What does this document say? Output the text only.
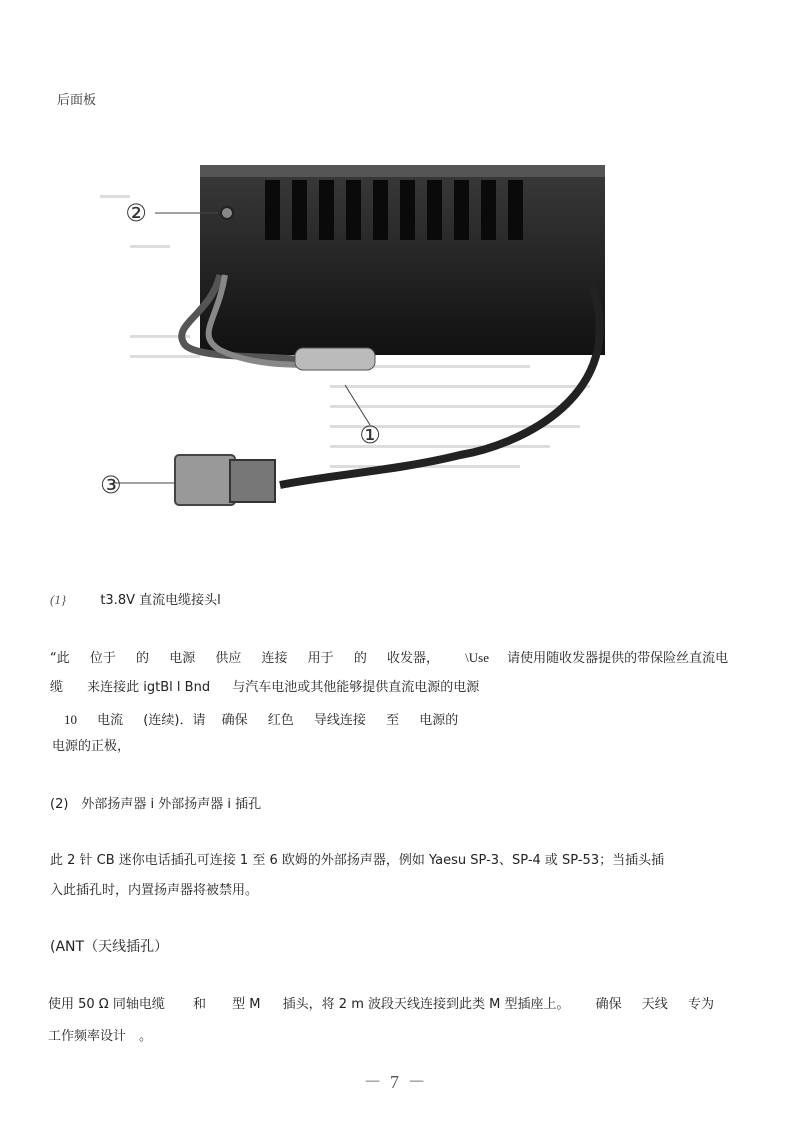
后面板
②
①
③
(1}	t3.8V 直流电缆接头l
“此 位于 的 电源 供应 连接 用于 的 收发器， \Use 请使用随收发器提供的带保险丝直流电
缆 来连接此 igtBl l Bnd 与汽车电池或其他能够提供直流电源的电源
10 电流 (连续)．请 确保 红色 导线连接 至 电源的
电源的正极，
(2)　外部扬声器 i 外部扬声器 i 插孔
此 2 针 CB 迷你电话插孔可连接 1 至 6 欧姆的外部扬声器，例如 Yaesu SP-3、SP-4 或 SP-53；当插头插
入此插孔时，内置扬声器将被禁用。
(ANT（天线插孔）
使用 50 Ω 同轴电缆 和 型 M 插头，将 2 m 波段天线连接到此类 M 型插座上。 确保 天线 专为
工作频率设计　。
－ 7 －
